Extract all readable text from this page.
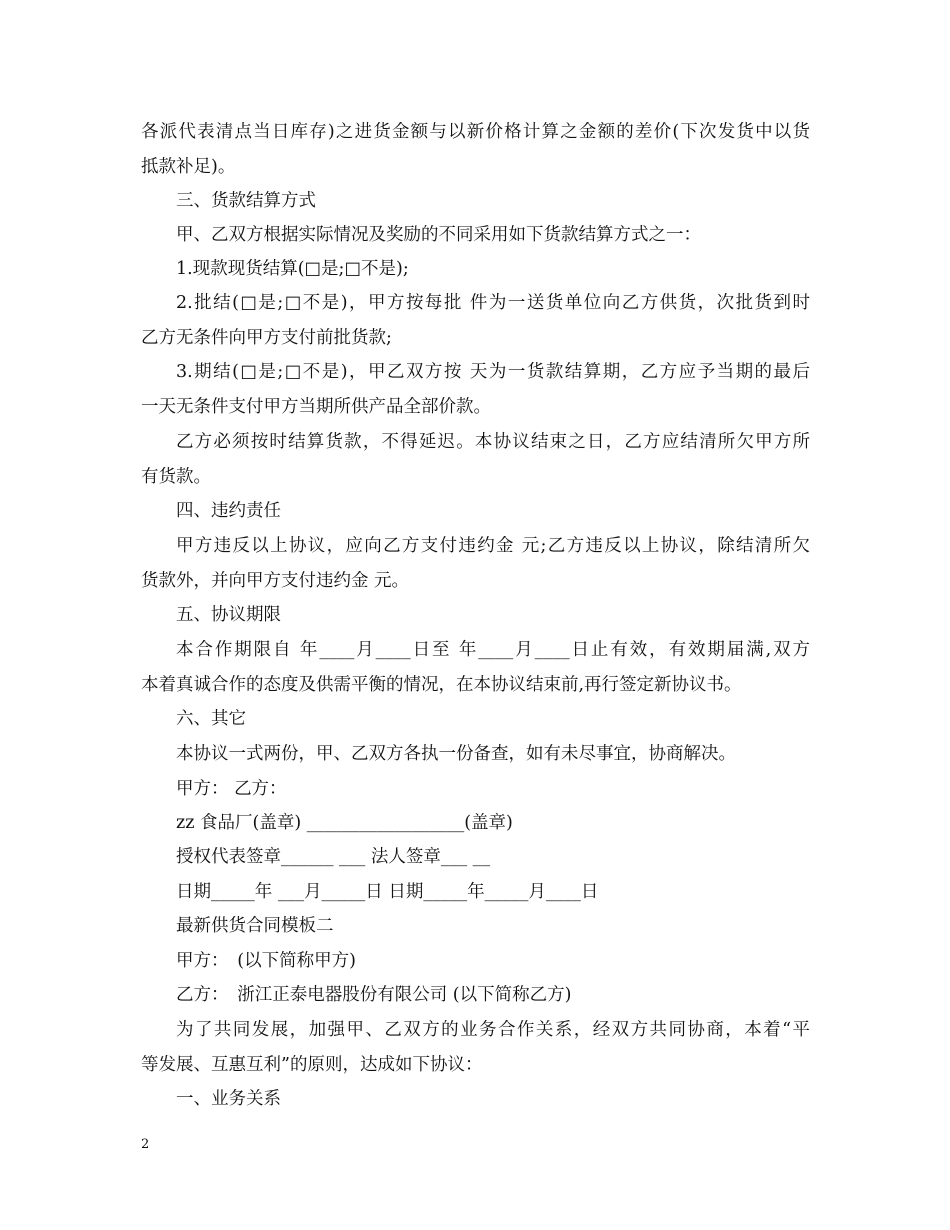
各派代表清点当日库存)之进货金额与以新价格计算之金额的差价(下次发货中以货
抵款补足)。
三、货款结算方式
甲、乙双方根据实际情况及奖励的不同采用如下货款结算方式之一：
1.现款现货结算(□是;□不是);
2.批结(□是;□不是)，甲方按每批 件为一送货单位向乙方供货，次批货到时
乙方无条件向甲方支付前批货款;
3.期结(□是;□不是)，甲乙双方按 天为一货款结算期，乙方应予当期的最后
一天无条件支付甲方当期所供产品全部价款。
乙方必须按时结算货款，不得延迟。本协议结束之日，乙方应结清所欠甲方所
有货款。
四、违约责任
甲方违反以上协议，应向乙方支付违约金 元;乙方违反以上协议，除结清所欠
货款外，并向甲方支付违约金 元。
五、协议期限
本合作期限自 年____月____日至 年____月____日止有效，有效期届满,双方
本着真诚合作的态度及供需平衡的情况，在本协议结束前,再行签定新协议书。
六、其它
本协议一式两份，甲、乙双方各执一份备查，如有未尽事宜，协商解决。
甲方： 乙方：
zz 食品厂(盖章) __________________(盖章)
授权代表签章______ ___ 法人签章___ __
日期_____年 ___月_____日 日期_____年_____月____日
最新供货合同模板二
甲方：　(以下简称甲方)
乙方：　浙江正泰电器股份有限公司 (以下简称乙方)
为了共同发展，加强甲、乙双方的业务合作关系，经双方共同协商，本着“平
等发展、互惠互利”的原则，达成如下协议：
一、业务关系
2
